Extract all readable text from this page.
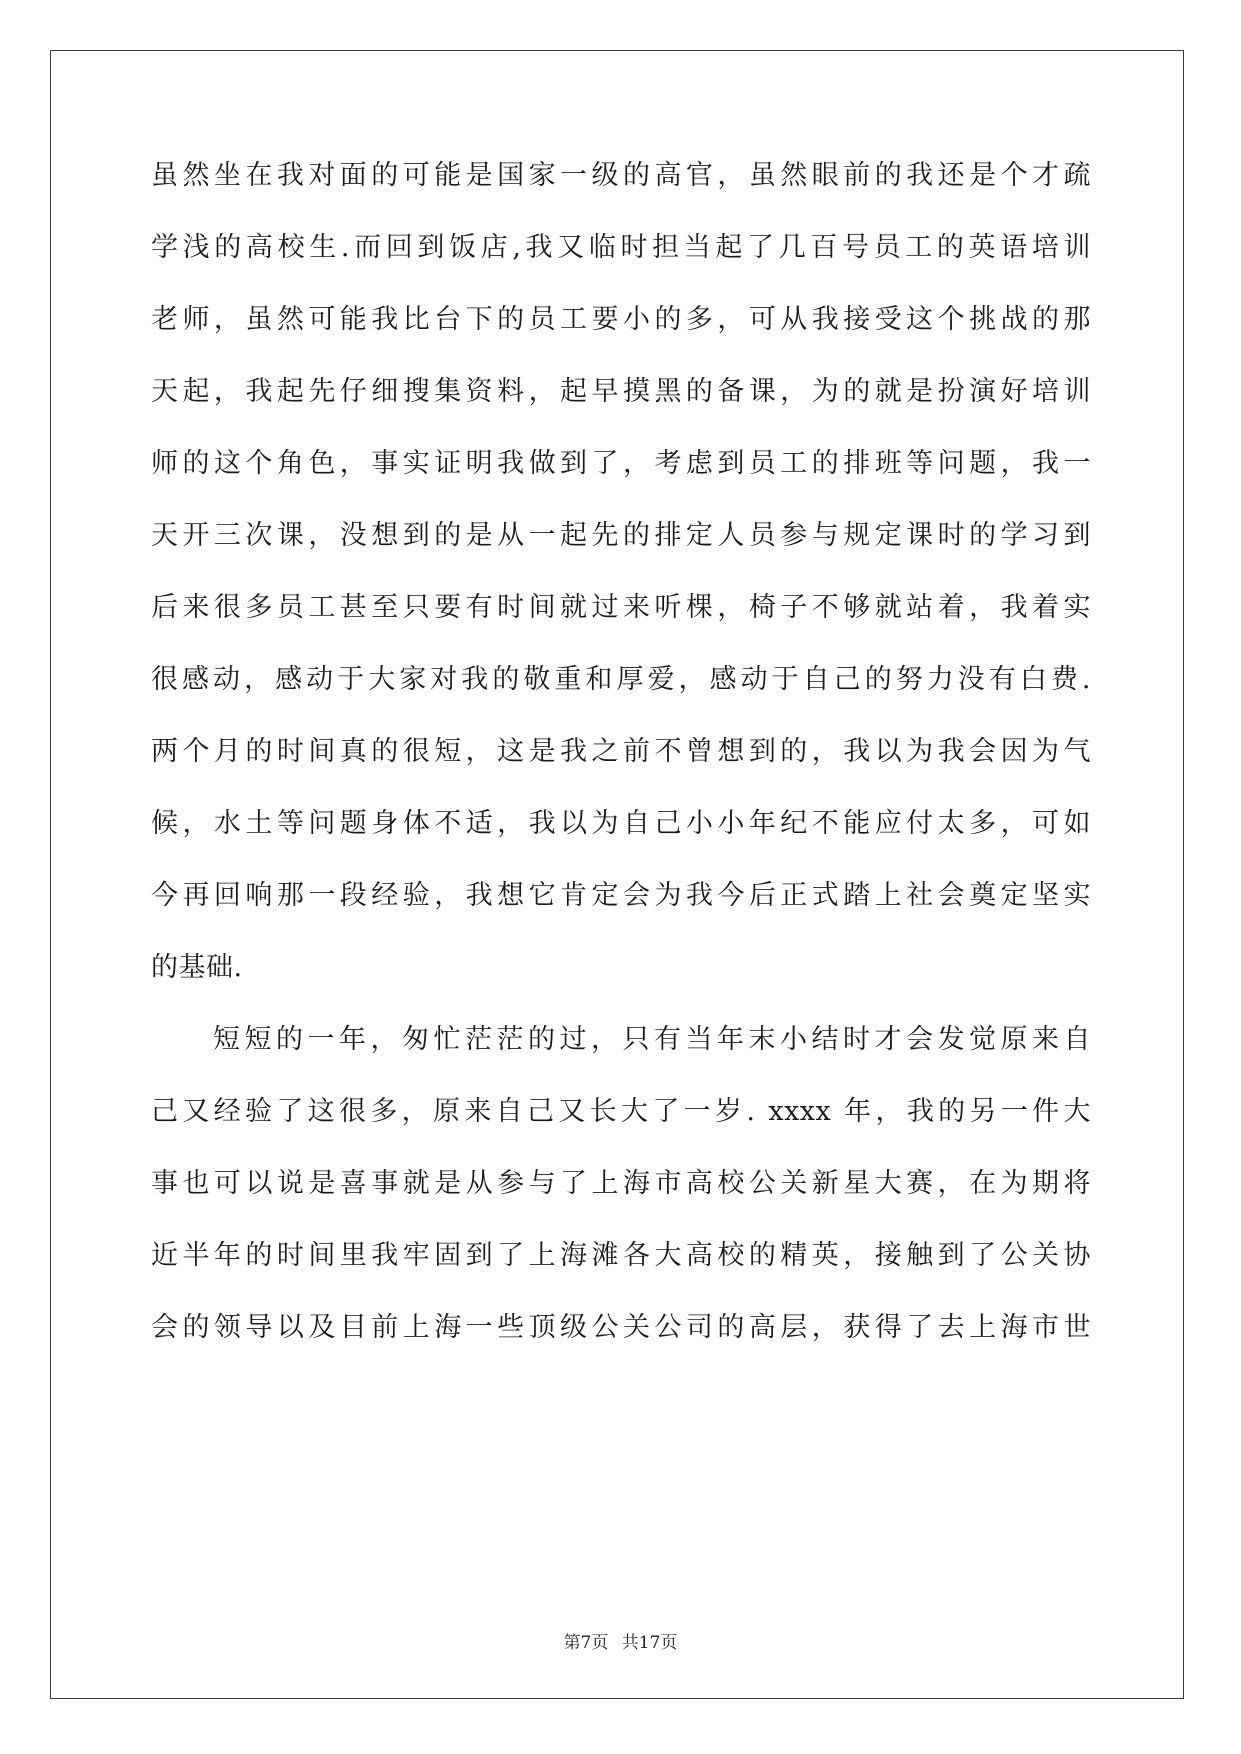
虽然坐在我对面的可能是国家一级的高官，虽然眼前的我还是个才疏
学浅的高校生.而回到饭店,我又临时担当起了几百号员工的英语培训
老师，虽然可能我比台下的员工要小的多，可从我接受这个挑战的那
天起，我起先仔细搜集资料，起早摸黑的备课，为的就是扮演好培训
师的这个角色，事实证明我做到了，考虑到员工的排班等问题，我一
天开三次课，没想到的是从一起先的排定人员参与规定课时的学习到
后来很多员工甚至只要有时间就过来听棵，椅子不够就站着，我着实
很感动，感动于大家对我的敬重和厚爱，感动于自己的努力没有白费.
两个月的时间真的很短，这是我之前不曾想到的，我以为我会因为气
候，水土等问题身体不适，我以为自己小小年纪不能应付太多，可如
今再回响那一段经验，我想它肯定会为我今后正式踏上社会奠定坚实
的基础.
短短的一年，匆忙茫茫的过，只有当年末小结时才会发觉原来自
己又经验了这很多，原来自己又长大了一岁. xxxx 年，我的另一件大
事也可以说是喜事就是从参与了上海市高校公关新星大赛，在为期将
近半年的时间里我牢固到了上海滩各大高校的精英，接触到了公关协
会的领导以及目前上海一些顶级公关公司的高层，获得了去上海市世
第7页 共17页
